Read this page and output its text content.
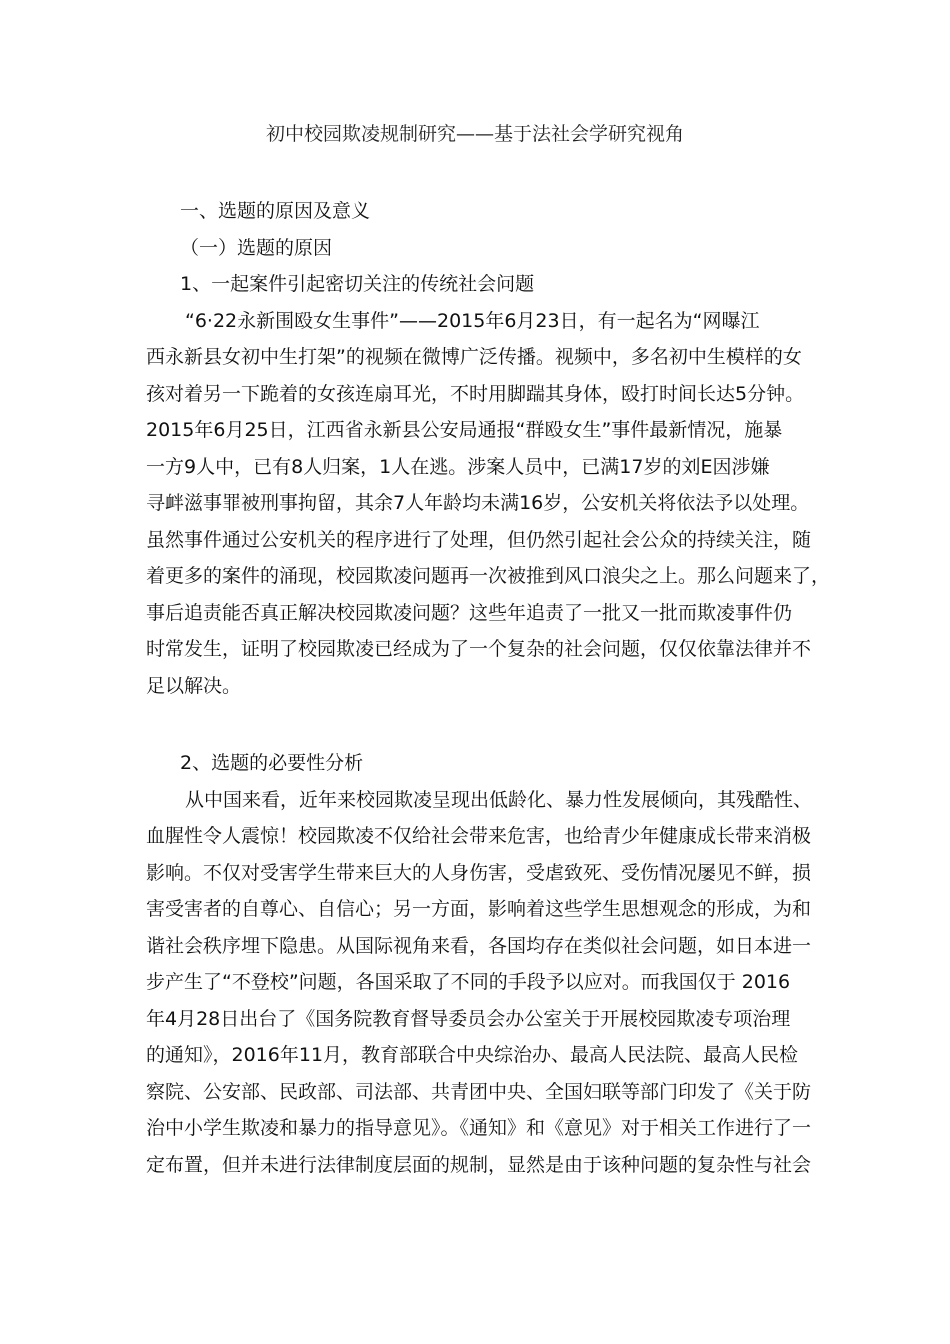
初中校园欺凌规制研究——基于法社会学研究视角
一、选题的原因及意义
（一）选题的原因
1、一起案件引起密切关注的传统社会问题
“6·22永新围殴女生事件”——2015年6月23日，有一起名为“网曝江
西永新县女初中生打架”的视频在微博广泛传播。视频中，多名初中生模样的女
孩对着另一下跪着的女孩连扇耳光，不时用脚踹其身体，殴打时间长达5分钟。
2015年6月25日，江西省永新县公安局通报“群殴女生”事件最新情况，施暴
一方9人中，已有8人归案，1人在逃。涉案人员中，已满17岁的刘E因涉嫌
寻衅滋事罪被刑事拘留，其余7人年龄均未满16岁，公安机关将依法予以处理。
虽然事件通过公安机关的程序进行了处理，但仍然引起社会公众的持续关注，随
着更多的案件的涌现，校园欺凌问题再一次被推到风口浪尖之上。那么问题来了，
事后追责能否真正解决校园欺凌问题？这些年追责了一批又一批而欺凌事件仍
时常发生，证明了校园欺凌已经成为了一个复杂的社会问题，仅仅依靠法律并不
足以解决。
2、选题的必要性分析
从中国来看，近年来校园欺凌呈现出低龄化、暴力性发展倾向，其残酷性、
血腥性令人震惊！校园欺凌不仅给社会带来危害，也给青少年健康成长带来消极
影响。不仅对受害学生带来巨大的人身伤害，受虐致死、受伤情况屡见不鲜，损
害受害者的自尊心、自信心；另一方面，影响着这些学生思想观念的形成，为和
谐社会秩序埋下隐患。从国际视角来看，各国均存在类似社会问题，如日本进一
步产生了“不登校”问题，各国采取了不同的手段予以应对。而我国仅于 2016
年4月28日出台了《国务院教育督导委员会办公室关于开展校园欺凌专项治理
的通知》，2016年11月，教育部联合中央综治办、最高人民法院、最高人民检
察院、公安部、民政部、司法部、共青团中央、全国妇联等部门印发了《关于防
治中小学生欺凌和暴力的指导意见》。《通知》和《意见》对于相关工作进行了一
定布置，但并未进行法律制度层面的规制，显然是由于该种问题的复杂性与社会
